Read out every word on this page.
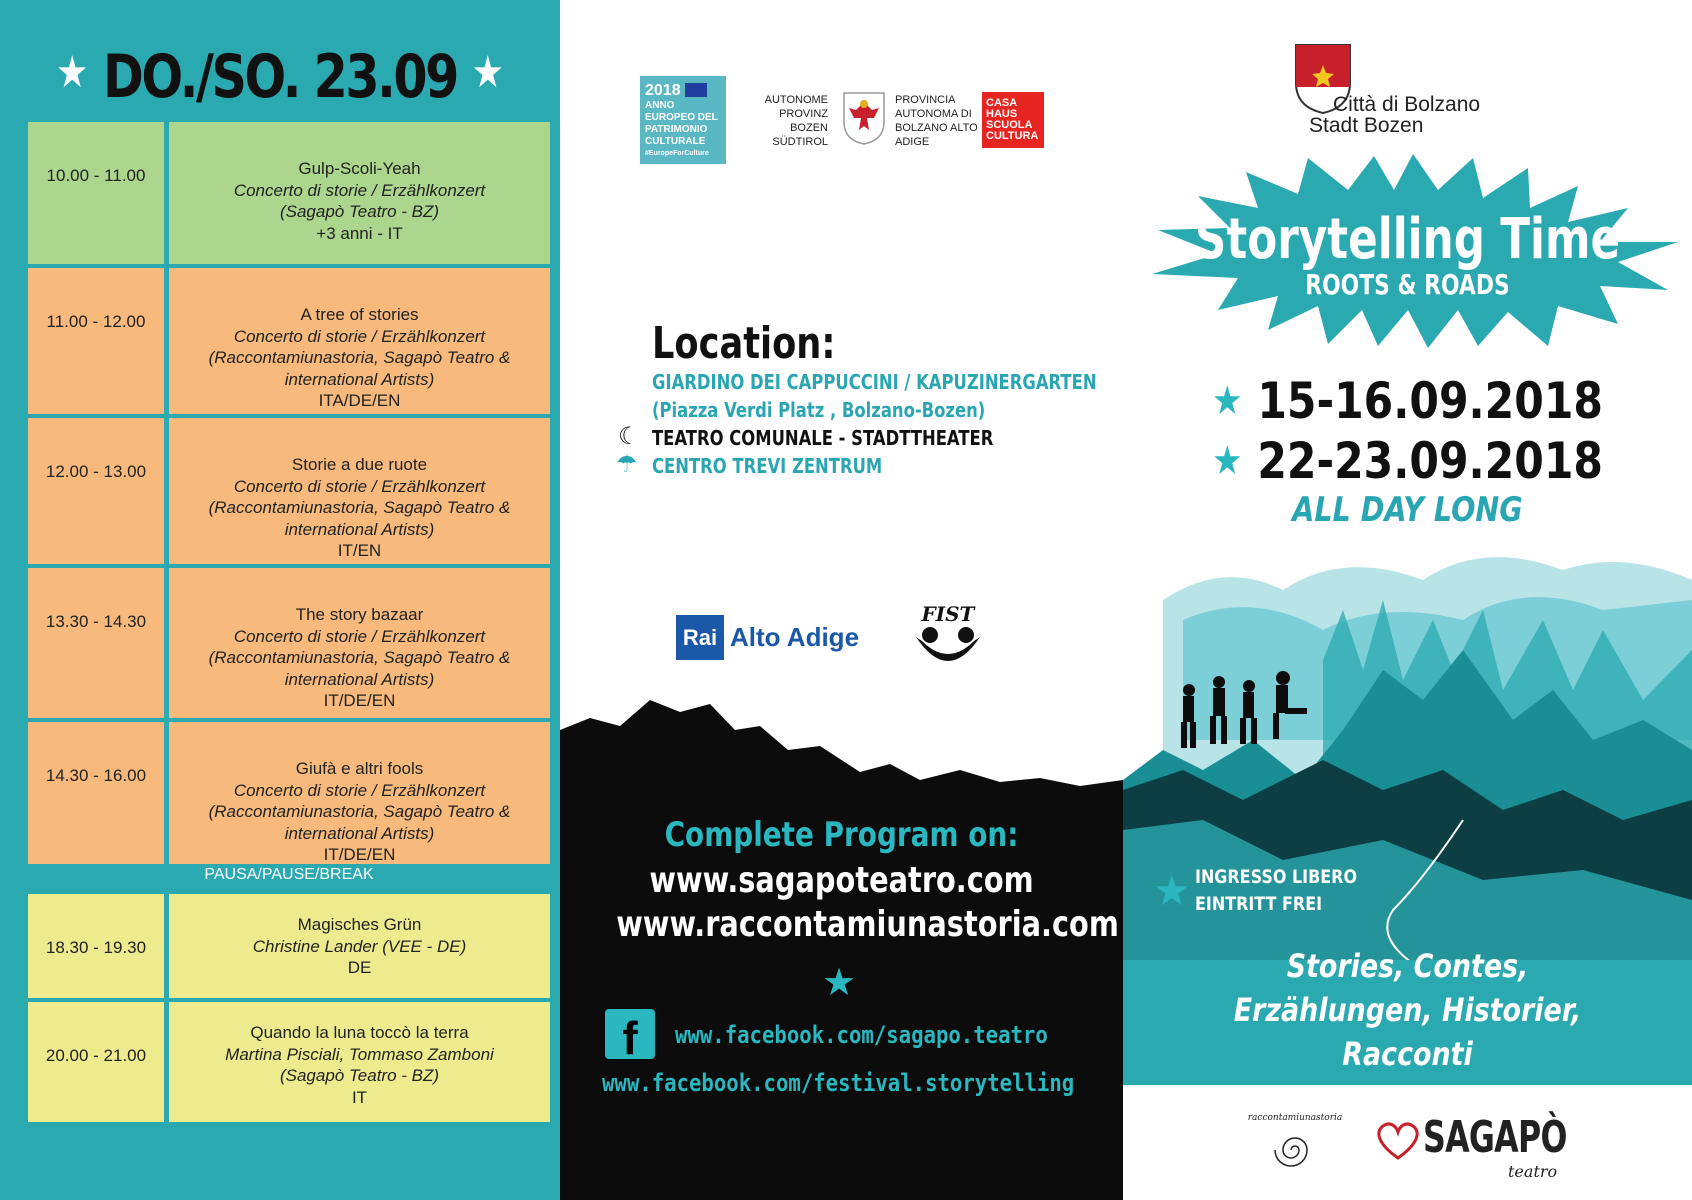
★ DO./SO. 23.09 ★
10.00 - 11.00	Gulp-Scoli-Yeah
Concerto di storie / Erzählkonzert
(Sagapò Teatro - BZ)
+3 anni - IT
11.00 - 12.00	A tree of stories
Concerto di storie / Erzählkonzert
(Raccontamiunastoria, Sagapò Teatro & international Artists)
ITA/DE/EN
12.00 - 13.00	Storie a due ruote
Concerto di storie / Erzählkonzert
(Raccontamiunastoria, Sagapò Teatro & international Artists)
IT/EN
13.30 - 14.30	The story bazaar
Concerto di storie / Erzählkonzert
(Raccontamiunastoria, Sagapò Teatro & international Artists)
IT/DE/EN
14.30 - 16.00	Giufà e altri fools
Concerto di storie / Erzählkonzert
(Raccontamiunastoria, Sagapò Teatro & international Artists)
IT/DE/EN
PAUSA/PAUSE/BREAK
18.30 - 19.30
Magisches Grün
Christine Lander (VEE - DE)
DE
20.00 - 21.00
Quando la luna toccò la terra
Martina Pisciali, Tommaso Zamboni
(Sagapò Teatro - BZ)
IT
2018
ANNO EUROPEO DEL PATRIMONIO CULTURALE
#EuropeForCulture
AUTONOME PROVINZ BOZEN SÜDTIROL
PROVINCIA AUTONOMA DI BOLZANO ALTO ADIGE
CASA HAUS SCUOLA CULTURA
Location:
GIARDINO DEI CAPPUCCINI / KAPUZINERGARTEN
(Piazza Verdi Platz , Bolzano-Bozen)
☾ TEATRO COMUNALE - STADTTHEATER
☂ CENTRO TREVI ZENTRUM
Rai Alto Adige
FIST
Complete Program on:
www.sagapoteatro.com
www.raccontamiunastoria.com
★
f	www.facebook.com/sagapo.teatro
www.facebook.com/festival.storytelling
Città di Bolzano
Stadt Bozen
Storytelling Time
ROOTS & ROADS
★ 15-16.09.2018
★ 22-23.09.2018
ALL DAY LONG
★ INGRESSO LIBERO
EINTRITT FREI
Stories, Contes,
Erzählungen, Historier,
Racconti
raccontamiunastoria SAGAPÒ
teatro
